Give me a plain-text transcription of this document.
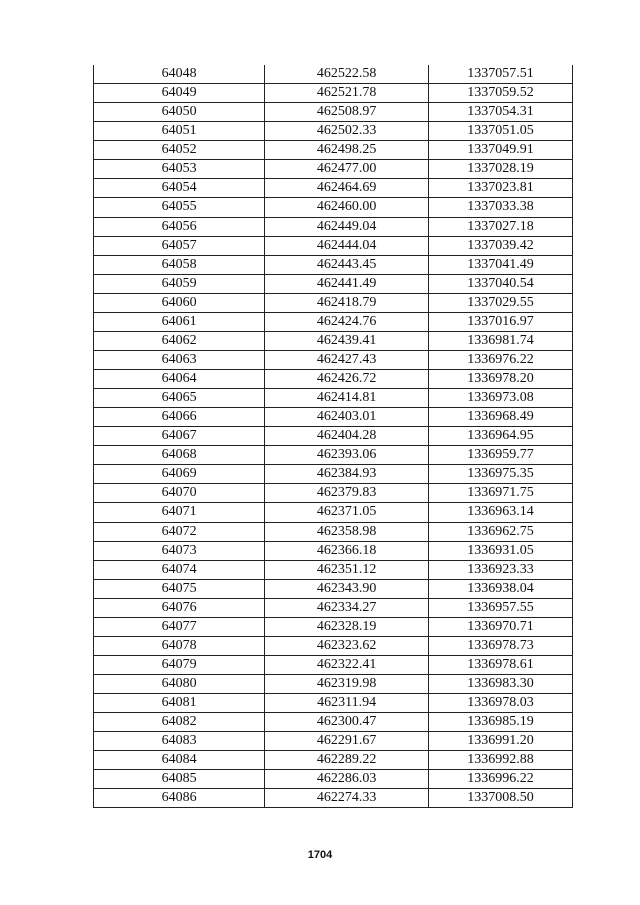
64048	462522.58	1337057.51
64049	462521.78	1337059.52
64050	462508.97	1337054.31
64051	462502.33	1337051.05
64052	462498.25	1337049.91
64053	462477.00	1337028.19
64054	462464.69	1337023.81
64055	462460.00	1337033.38
64056	462449.04	1337027.18
64057	462444.04	1337039.42
64058	462443.45	1337041.49
64059	462441.49	1337040.54
64060	462418.79	1337029.55
64061	462424.76	1337016.97
64062	462439.41	1336981.74
64063	462427.43	1336976.22
64064	462426.72	1336978.20
64065	462414.81	1336973.08
64066	462403.01	1336968.49
64067	462404.28	1336964.95
64068	462393.06	1336959.77
64069	462384.93	1336975.35
64070	462379.83	1336971.75
64071	462371.05	1336963.14
64072	462358.98	1336962.75
64073	462366.18	1336931.05
64074	462351.12	1336923.33
64075	462343.90	1336938.04
64076	462334.27	1336957.55
64077	462328.19	1336970.71
64078	462323.62	1336978.73
64079	462322.41	1336978.61
64080	462319.98	1336983.30
64081	462311.94	1336978.03
64082	462300.47	1336985.19
64083	462291.67	1336991.20
64084	462289.22	1336992.88
64085	462286.03	1336996.22
64086	462274.33	1337008.50
1704
